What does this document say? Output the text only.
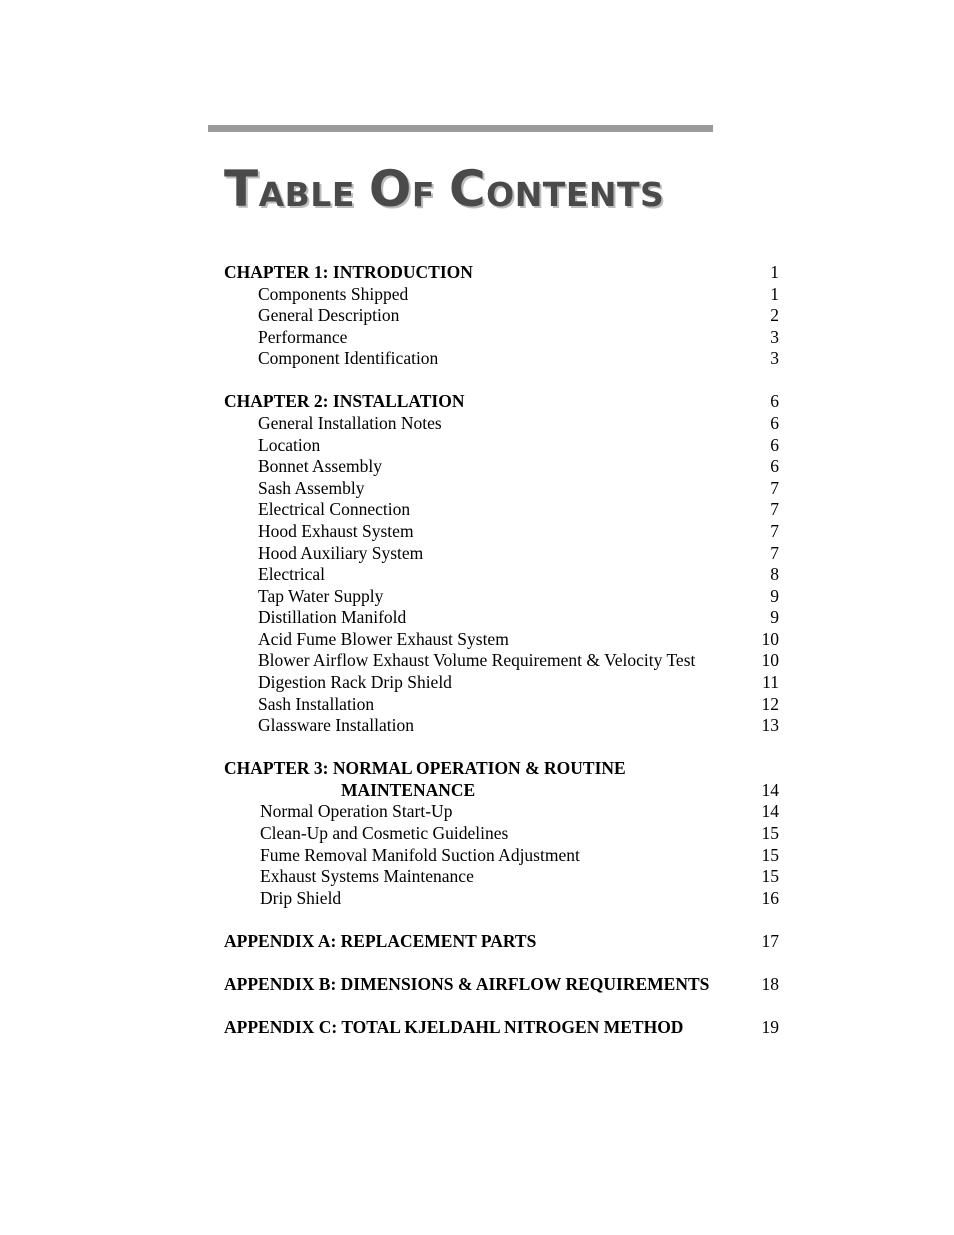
TABLE OF CONTENTS
CHAPTER 1: INTRODUCTION	1
Components Shipped	1
General Description	2
Performance	3
Component Identification	3
CHAPTER 2: INSTALLATION	6
General Installation Notes	6
Location	6
Bonnet Assembly	6
Sash Assembly	7
Electrical Connection	7
Hood Exhaust System	7
Hood Auxiliary System	7
Electrical	8
Tap Water Supply	9
Distillation Manifold	9
Acid Fume Blower Exhaust System	10
Blower Airflow Exhaust Volume Requirement & Velocity Test	10
Digestion Rack Drip Shield	11
Sash Installation	12
Glassware Installation	13
CHAPTER 3: NORMAL OPERATION & ROUTINE
MAINTENANCE	14
Normal Operation Start-Up	14
Clean-Up and Cosmetic Guidelines	15
Fume Removal Manifold Suction Adjustment	15
Exhaust Systems Maintenance	15
Drip Shield	16
APPENDIX A: REPLACEMENT PARTS	17
APPENDIX B: DIMENSIONS & AIRFLOW REQUIREMENTS	18
APPENDIX C: TOTAL KJELDAHL NITROGEN METHOD	19
